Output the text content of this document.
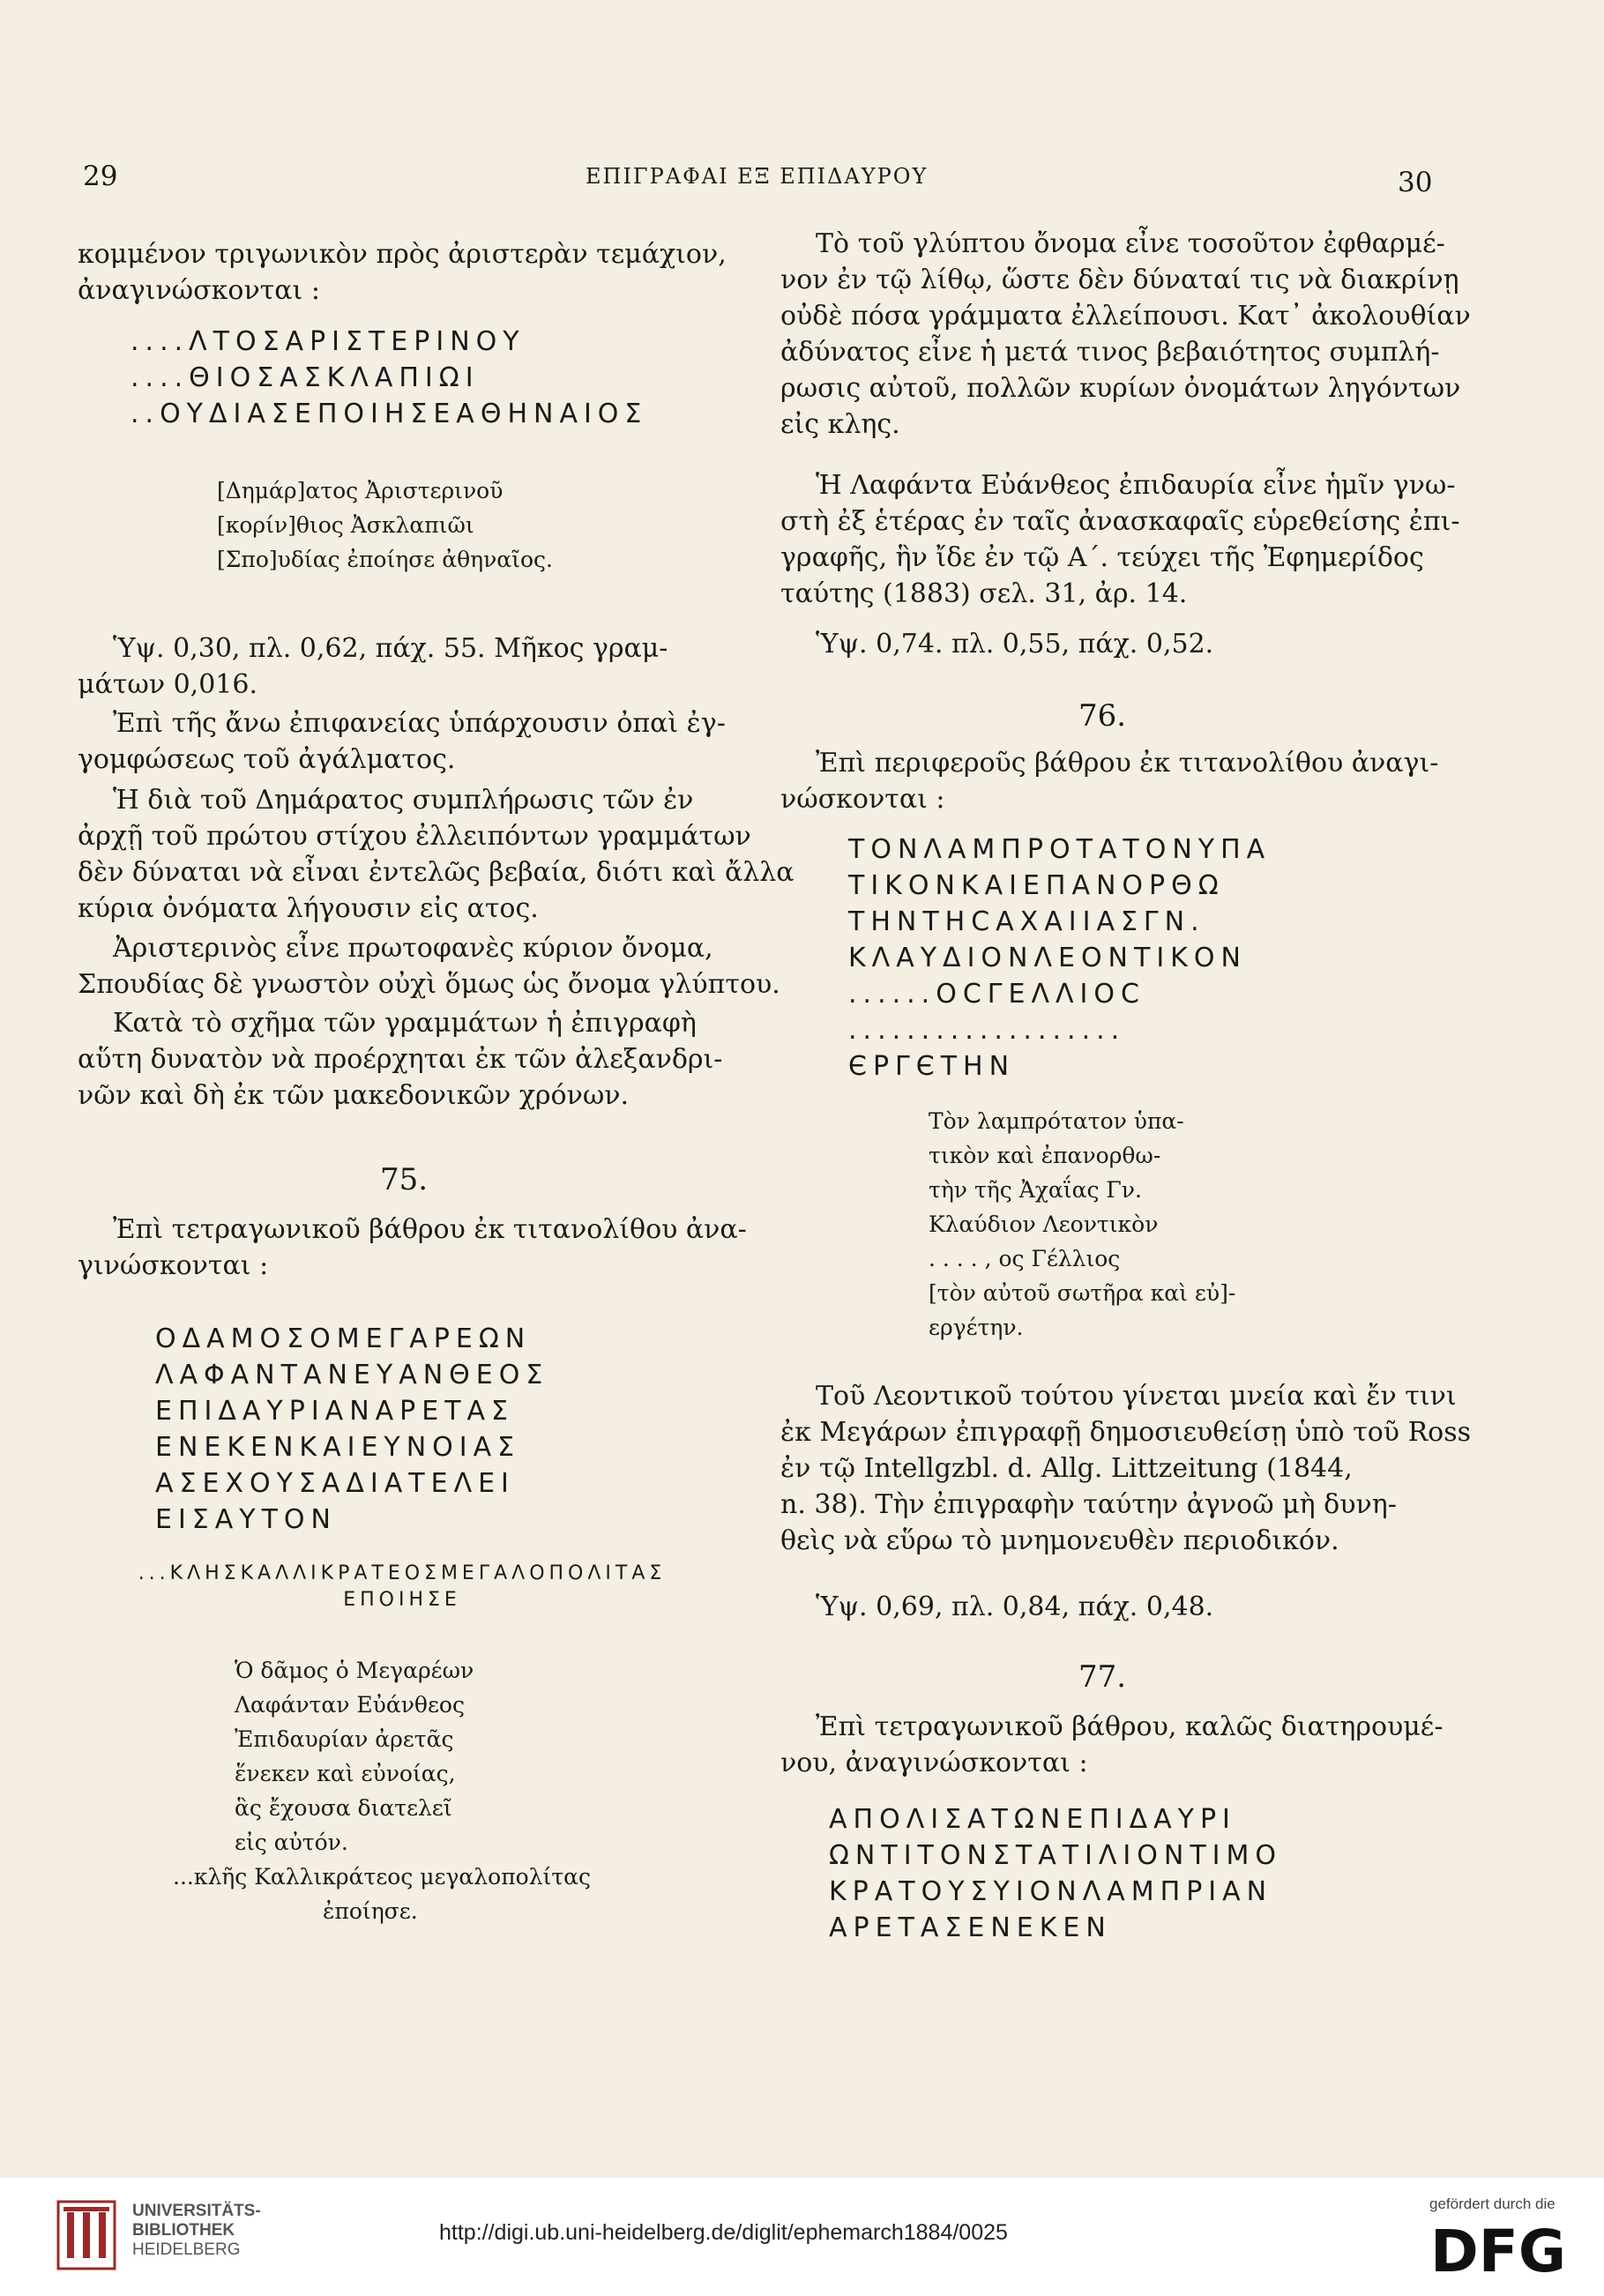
29	ΕΠΙΓΡΑΦΑΙ ΕΞ ΕΠΙΔΑΥΡΟΥ	30
κομμένον τριγωνικὸν πρὸς ἀριστερὰν τεμάχιον,
ἀναγινώσκονται :
....ΛΤΟΣΑΡΙΣΤΕΡΙΝΟΥ
....ΘΙΟΣΑΣΚΛΑΠΙΩΙ
..ΟΥΔΙΑΣΕΠΟΙΗΣΕΑΘΗΝΑΙΟΣ
[Δημάρ]ατος Ἀριστερινοῦ
[κορίν]θιος Ἀσκλαπιῶι
[Σπο]υδίας ἐποίησε ἀθηναῖος.
Ὑψ. 0,30, πλ. 0,62, πάχ. 55. Μῆκος γραμ-
μάτων 0,016.
Ἐπὶ τῆς ἄνω ἐπιφανείας ὑπάρχουσιν ὀπαὶ ἐγ-
γομφώσεως τοῦ ἀγάλματος.
Ἡ διὰ τοῦ Δημάρατος συμπλήρωσις τῶν ἐν
ἀρχῇ τοῦ πρώτου στίχου ἐλλειπόντων γραμμάτων
δὲν δύναται νὰ εἶναι ἐντελῶς βεβαία, διότι καὶ ἄλλα
κύρια ὀνόματα λήγουσιν εἰς ατος.
Ἀριστερινὸς εἶνε πρωτοφανὲς κύριον ὄνομα,
Σπουδίας δὲ γνωστὸν οὐχὶ ὅμως ὡς ὄνομα γλύπτου.
Κατὰ τὸ σχῆμα τῶν γραμμάτων ἡ ἐπιγραφὴ
αὕτη δυνατὸν νὰ προέρχηται ἐκ τῶν ἀλεξανδρι-
νῶν καὶ δὴ ἐκ τῶν μακεδονικῶν χρόνων.
75.
Ἐπὶ τετραγωνικοῦ βάθρου ἐκ τιτανολίθου ἀνα-
γινώσκονται :
ΟΔΑΜΟΣΟΜΕΓΑΡΕΩΝ
ΛΑΦΑΝΤΑΝΕΥΑΝΘΕΟΣ
ΕΠΙΔΑΥΡΙΑΝΑΡΕΤΑΣ
ΕΝΕΚΕΝΚΑΙΕΥΝΟΙΑΣ
ΑΣΕΧΟΥΣΑΔΙΑΤΕΛΕΙ
ΕΙΣΑΥΤΟΝ
...ΚΛΗΣΚΑΛΛΙΚΡΑΤΕΟΣΜΕΓΑΛΟΠΟΛΙΤΑΣ
ΕΠΟΙΗΣΕ
Ὁ δᾶμος ὁ Μεγαρέων
Λαφάνταν Εὐάνθεος
Ἐπιδαυρίαν ἀρετᾶς
ἕνεκεν καὶ εὐνοίας,
ἃς ἔχουσα διατελεῖ
εἰς αὐτόν.
...κλῆς Καλλικράτεος μεγαλοπολίτας
ἐποίησε.
Τὸ τοῦ γλύπτου ὄνομα εἶνε τοσοῦτον ἐφθαρμέ-
νον ἐν τῷ λίθῳ, ὥστε δὲν δύναταί τις νὰ διακρίνῃ
οὐδὲ πόσα γράμματα ἐλλείπουσι. Κατ᾽ ἀκολουθίαν
ἀδύνατος εἶνε ἡ μετά τινος βεβαιότητος συμπλή-
ρωσις αὐτοῦ, πολλῶν κυρίων ὀνομάτων ληγόντων
εἰς κλης.
Ἡ Λαφάντα Εὐάνθεος ἐπιδαυρία εἶνε ἡμῖν γνω-
στὴ ἐξ ἑτέρας ἐν ταῖς ἀνασκαφαῖς εὑρεθείσης ἐπι-
γραφῆς, ἣν ἴδε ἐν τῷ Α΄. τεύχει τῆς Ἐφημερίδος
ταύτης (1883) σελ. 31, ἀρ. 14.
Ὑψ. 0,74. πλ. 0,55, πάχ. 0,52.
76.
Ἐπὶ περιφεροῦς βάθρου ἐκ τιτανολίθου ἀναγι-
νώσκονται :
ΤΟΝΛΑΜΠΡΟΤΑΤΟΝΥΠΑ
ΤΙΚΟΝΚΑΙΕΠΑΝΟΡΘΩ
ΤΗΝΤΗCΑΧΑΙΙΑΣΓΝ.
ΚΛΑΥΔΙΟΝΛΕΟΝΤΙΚΟΝ
......ΟCΓΕΛΛΙΟC
...................
ЄΡΓЄΤΗΝ
Τὸν λαμπρότατον ὑπα-
τικὸν καὶ ἐπανορθω-
τὴν τῆς Ἀχαΐας Γν.
Κλαύδιον Λεοντικὸν
. . . . , ος Γέλλιος
[τὸν αὐτοῦ σωτῆρα καὶ εὐ]-
εργέτην.
Τοῦ Λεοντικοῦ τούτου γίνεται μνεία καὶ ἔν τινι
ἐκ Μεγάρων ἐπιγραφῇ δημοσιευθείσῃ ὑπὸ τοῦ Ross
ἐν τῷ Intellgzbl. d. Allg. Littzeitung (1844,
n. 38). Τὴν ἐπιγραφὴν ταύτην ἀγνοῶ μὴ δυνη-
θεὶς νὰ εὕρω τὸ μνημονευθὲν περιοδικόν.
Ὑψ. 0,69, πλ. 0,84, πάχ. 0,48.
77.
Ἐπὶ τετραγωνικοῦ βάθρου, καλῶς διατηρουμέ-
νου, ἀναγινώσκονται :
ΑΠΟΛΙΣΑΤΩΝΕΠΙΔΑΥΡΙ
ΩΝΤΙΤΟΝΣΤΑΤΙΛΙΟΝΤΙΜΟ
ΚΡΑΤΟΥΣΥΙΟΝΛΑΜΠΡΙΑΝ
ΑΡΕΤΑΣΕΝΕΚΕΝ
UNIVERSITÄTS-
BIBLIOTHEK
HEIDELBERG
http://digi.ub.uni-heidelberg.de/diglit/ephemarch1884/0025
gefördert durch die
DFG
